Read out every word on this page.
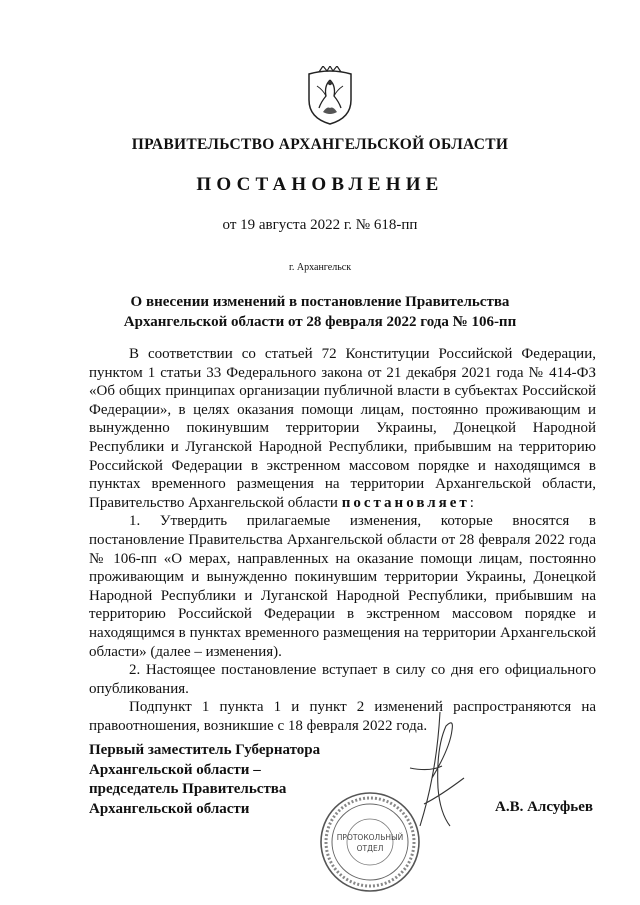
ПРАВИТЕЛЬСТВО АРХАНГЕЛЬСКОЙ ОБЛАСТИ
ПОСТАНОВЛЕНИЕ
от 19 августа 2022 г. № 618-пп
г. Архангельск
О внесении изменений в постановление Правительства
Архангельской области от 28 февраля 2022 года № 106-пп

В соответствии со статьей 72 Конституции Российской Федерации, пунктом 1 статьи 33 Федерального закона от 21 декабря 2021 года № 414-ФЗ «Об общих принципах организации публичной власти в субъектах Российской Федерации», в целях оказания помощи лицам, постоянно проживающим и вынужденно покинувшим территории Украины, Донецкой Народной Республики и Луганской Народной Республики, прибывшим на территорию Российской Федерации в экстренном массовом порядке и находящимся в пунктах временного размещения на территории Архангельской области, Правительство Архангельской области постановляет:

1. Утвердить прилагаемые изменения, которые вносятся в постановление Правительства Архангельской области от 28 февраля 2022 года № 106-пп «О мерах, направленных на оказание помощи лицам, постоянно проживающим и вынужденно покинувшим территории Украины, Донецкой Народной Республики и Луганской Народной Республики, прибывшим на территорию Российской Федерации в экстренном массовом порядке и находящимся в пунктах временного размещения на территории Архангельской области» (далее – изменения).

2. Настоящее постановление вступает в силу со дня его официального опубликования.

Подпункт 1 пункта 1 и пункт 2 изменений распространяются на правоотношения, возникшие с 18 февраля 2022 года.

Первый заместитель Губернатора
Архангельской области –
председатель Правительства
Архангельской области
ПРОТОКОЛЬНЫЙ
ОТДЕЛ
А.В. Алсуфьев
